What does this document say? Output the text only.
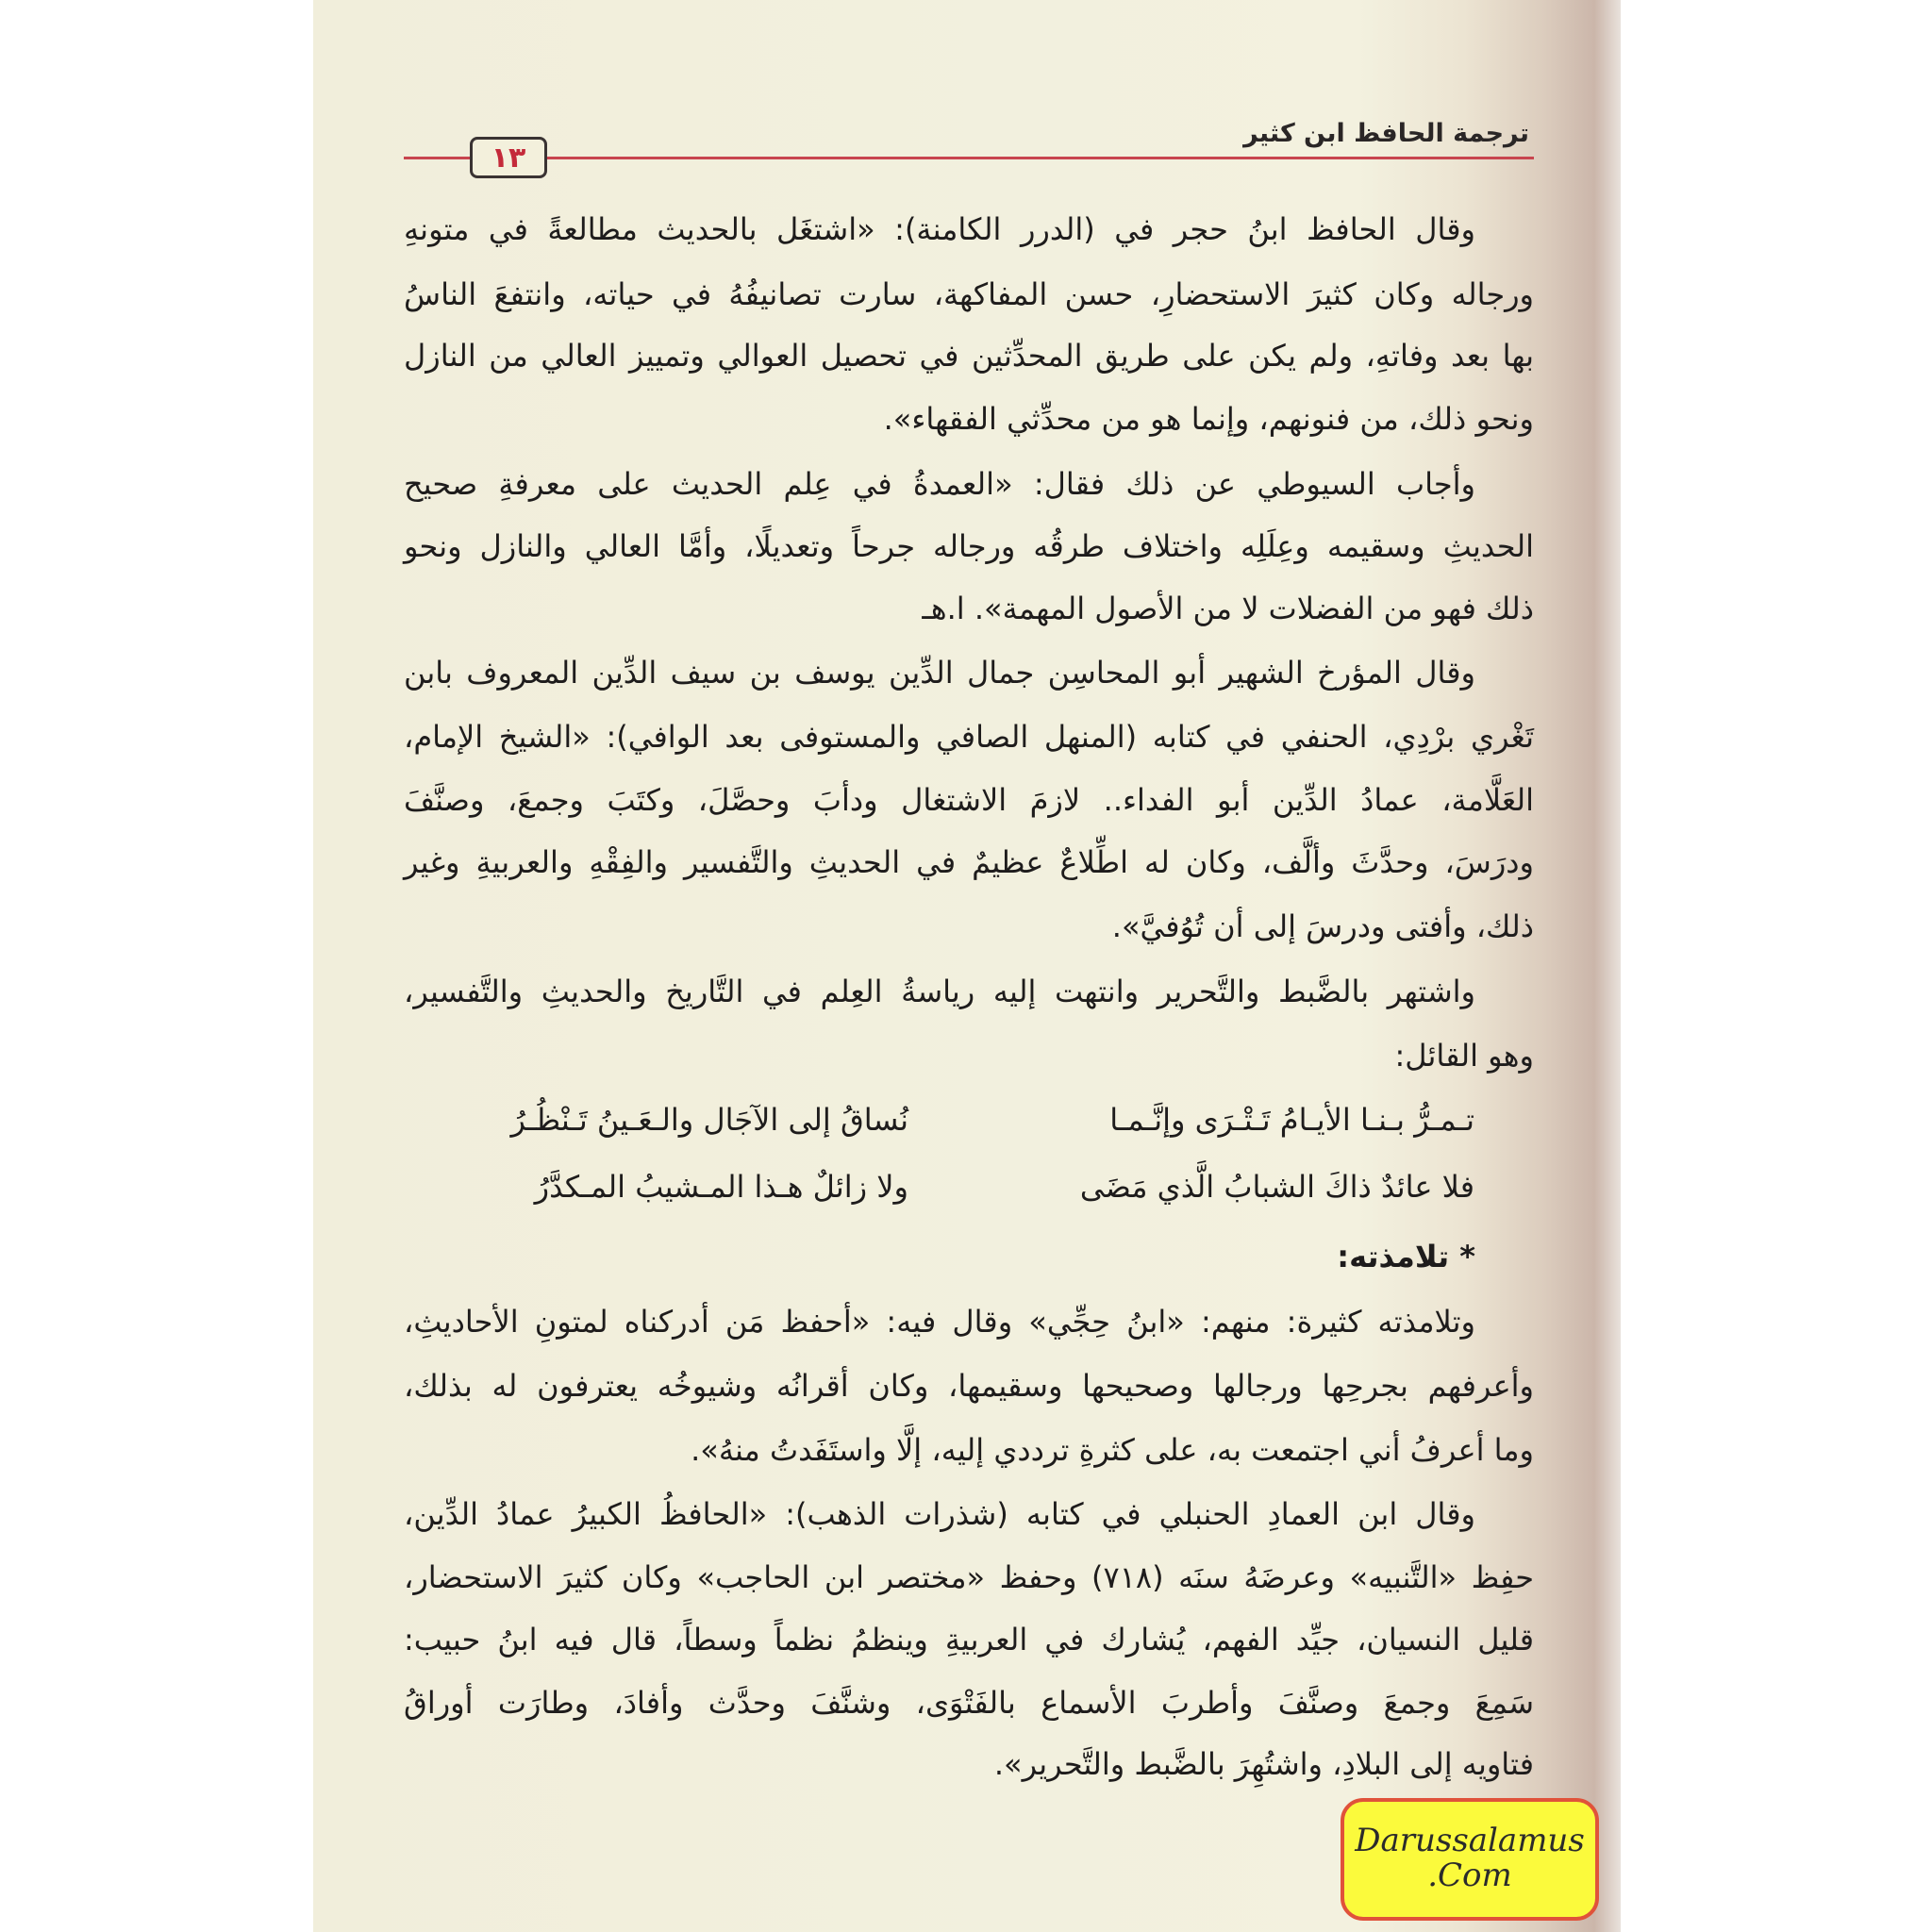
ترجمة الحافظ ابن كثير
١٣
وقال الحافظ ابنُ حجر في (الدرر الكامنة): «اشتغَل بالحديث مطالعةً في متونهِ
ورجاله وكان كثيرَ الاستحضارِ، حسن المفاكهة، سارت تصانيفُهُ في حياته، وانتفعَ الناسُ
بها بعد وفاتهِ، ولم يكن على طريق المحدِّثين في تحصيل العوالي وتمييز العالي من النازل
ونحو ذلك، من فنونهم، وإنما هو من محدِّثي الفقهاء».
وأجاب السيوطي عن ذلك فقال: «العمدةُ في عِلم الحديث على معرفةِ صحيح
الحديثِ وسقيمه وعِلَلِه واختلاف طرقُه ورجاله جرحاً وتعديلًا، وأمَّا العالي والنازل ونحو
ذلك فهو من الفضلات لا من الأصول المهمة». ا.هـ
وقال المؤرخ الشهير أبو المحاسِن جمال الدِّين يوسف بن سيف الدِّين المعروف بابن
تَغْري برْدِي، الحنفي في كتابه (المنهل الصافي والمستوفى بعد الوافي): «الشيخ الإمام،
العَلَّامة، عمادُ الدِّين أبو الفداء.. لازمَ الاشتغال ودأبَ وحصَّلَ، وكتَبَ وجمعَ، وصنَّفَ
ودرَسَ، وحدَّثَ وألَّف، وكان له اطِّلاعٌ عظيمٌ في الحديثِ والتَّفسير والفِقْهِ والعربيةِ وغير
ذلك، وأفتى ودرسَ إلى أن تُوُفيَّ».
واشتهر بالضَّبط والتَّحرير وانتهت إليه رياسةُ العِلم في التَّاريخ والحديثِ والتَّفسير،
وهو القائل:
تـمـرُّ بـنـا الأيـامُ تَـتْـرَى وإنَّـمـا
نُساقُ إلى الآجَال والـعَـينُ تَـنْظُـرُ
فلا عائدٌ ذاكَ الشبابُ الَّذي مَضَى
ولا زائلٌ هـذا المـشيبُ المـكدَّرُ
* تلامذته:
وتلامذته كثيرة: منهم: «ابنُ حِجِّي» وقال فيه: «أحفظ مَن أدركناه لمتونِ الأحاديثِ،
وأعرفهم بجرحِها ورجالها وصحيحها وسقيمها، وكان أقرانُه وشيوخُه يعترفون له بذلك،
وما أعرفُ أني اجتمعت به، على كثرةِ ترددي إليه، إلَّا واستَفَدتُ منهُ».
وقال ابن العمادِ الحنبلي في كتابه (شذرات الذهب): «الحافظُ الكبيرُ عمادُ الدِّين،
حفِظ «التَّنبيه» وعرضَهُ سنَه (٧١٨) وحفظ «مختصر ابن الحاجب» وكان كثيرَ الاستحضار،
قليل النسيان، جيِّد الفهم، يُشارك في العربيةِ وينظمُ نظماً وسطاً، قال فيه ابنُ حبيب:
سَمِعَ وجمعَ وصنَّفَ وأطربَ الأسماع بالفَتْوَى، وشنَّفَ وحدَّث وأفادَ، وطارَت أوراقُ
فتاويه إلى البلادِ، واشتُهِرَ بالضَّبط والتَّحرير».
Darussalamus
.Com
